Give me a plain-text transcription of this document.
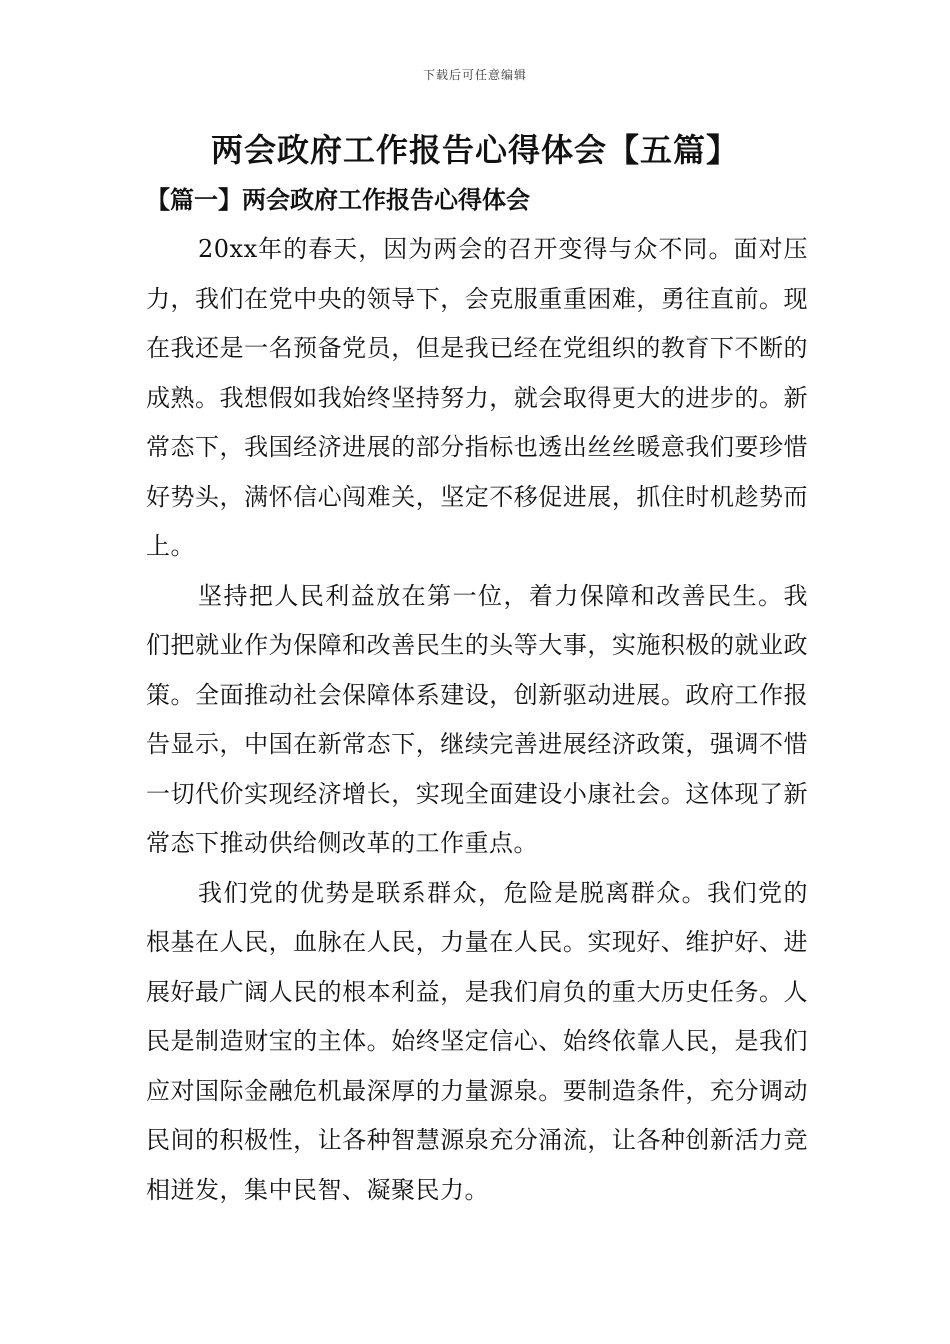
下载后可任意编辑
两会政府工作报告心得体会【五篇】
【篇一】两会政府工作报告心得体会

20xx年的春天，因为两会的召开变得与众不同。面对压力，我们在党中央的领导下，会克服重重困难，勇往直前。现在我还是一名预备党员，但是我已经在党组织的教育下不断的成熟。我想假如我始终坚持努力，就会取得更大的进步的。新常态下，我国经济进展的部分指标也透出丝丝暖意我们要珍惜好势头，满怀信心闯难关，坚定不移促进展，抓住时机趁势而上。

坚持把人民利益放在第一位，着力保障和改善民生。我们把就业作为保障和改善民生的头等大事，实施积极的就业政策。全面推动社会保障体系建设，创新驱动进展。政府工作报告显示，中国在新常态下，继续完善进展经济政策，强调不惜一切代价实现经济增长，实现全面建设小康社会。这体现了新常态下推动供给侧改革的工作重点。

我们党的优势是联系群众，危险是脱离群众。我们党的根基在人民，血脉在人民，力量在人民。实现好、维护好、进展好最广阔人民的根本利益，是我们肩负的重大历史任务。人民是制造财宝的主体。始终坚定信心、始终依靠人民，是我们应对国际金融危机最深厚的力量源泉。要制造条件，充分调动民间的积极性，让各种智慧源泉充分涌流，让各种创新活力竞相迸发，集中民智、凝聚民力。
